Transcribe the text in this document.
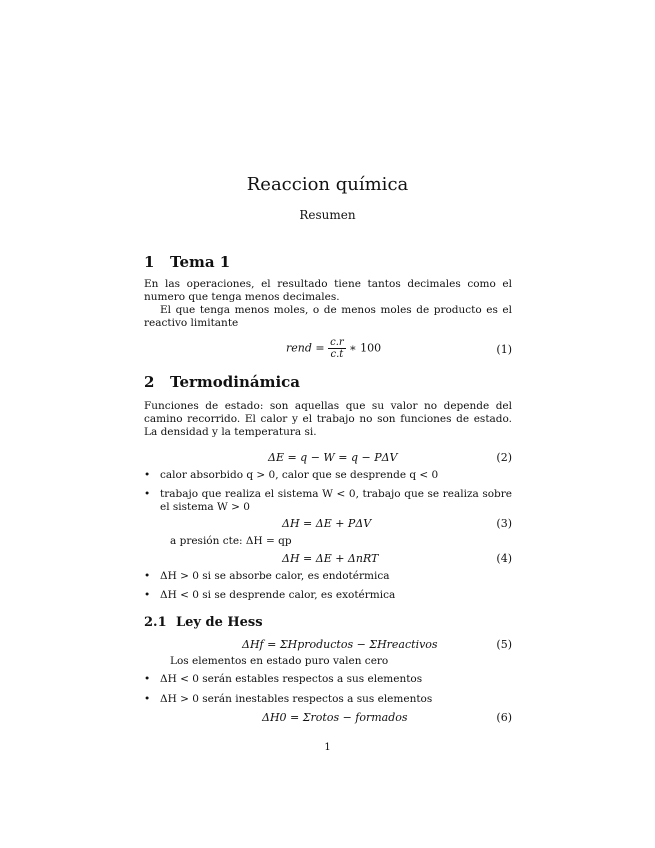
Reaccion química
Resumen
1 Tema 1
En las operaciones, el resultado tiene tantos decimales como el numero que tenga menos decimales.
El que tenga menos moles, o de menos moles de producto es el reactivo limitante
rend = $\frac{c.r}{c.t}$ ∗ 100	(1)
2 Termodinámica
Funciones de estado: son aquellas que su valor no depende del camino recorrido. El calor y el trabajo no son funciones de estado. La densidad y la temperatura si.
ΔE = q − W = q − PΔV	(2)
• calor absorbido q > 0, calor que se desprende q < 0
• trabajo que realiza el sistema W < 0, trabajo que se realiza sobre el sistema W > 0
ΔH = ΔE + PΔV	(3)
a presión cte: ΔH = qp
ΔH = ΔE + ΔnRT	(4)
• ΔH > 0 si se absorbe calor, es endotérmica
• ΔH < 0 si se desprende calor, es exotérmica
2.1 Ley de Hess
ΔHf = ΣHproductos − ΣHreactivos	(5)
Los elementos en estado puro valen cero
• ΔH < 0 serán estables respectos a sus elementos
• ΔH > 0 serán inestables respectos a sus elementos
ΔH0 = Σrotos − formados	(6)
1
